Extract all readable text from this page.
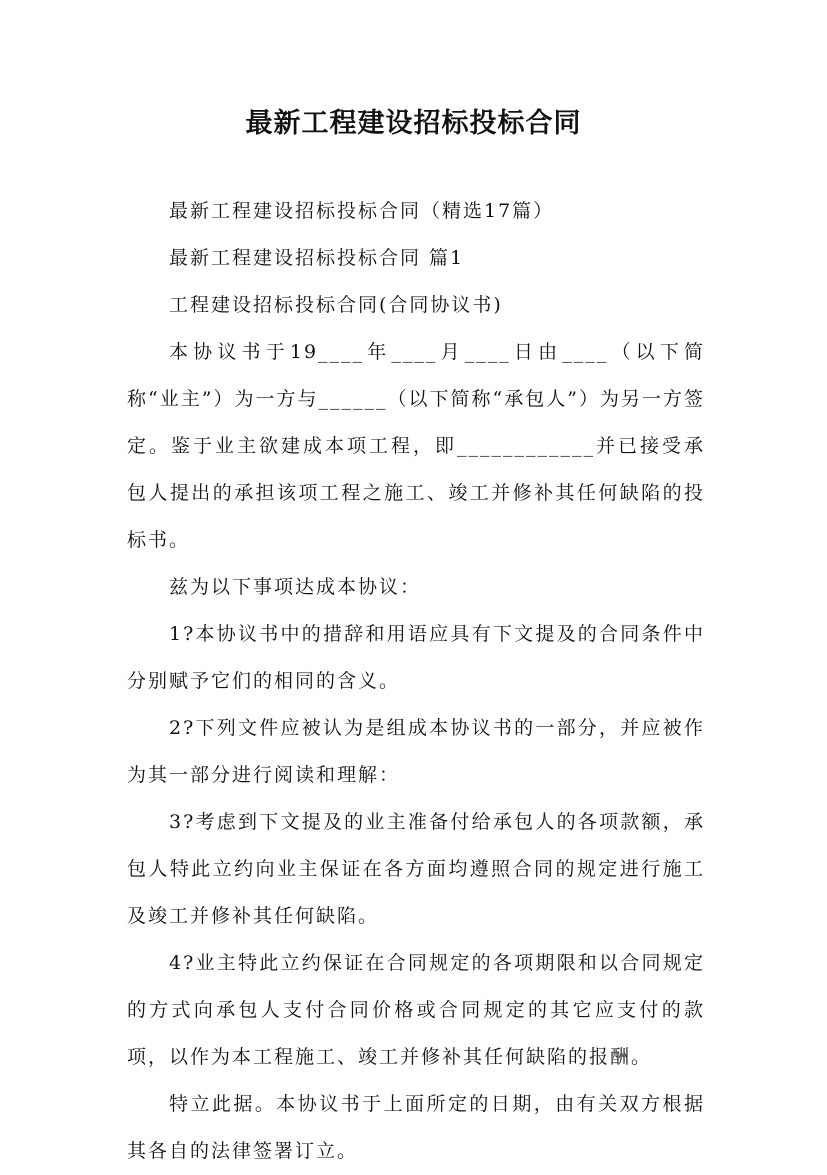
最新工程建设招标投标合同

最新工程建设招标投标合同（精选17篇）

最新工程建设招标投标合同 篇1

工程建设招标投标合同(合同协议书)

本协议书于19____年____月____日由____（以下简称“业主”）为一方与______（以下简称“承包人”）为另一方签定。鉴于业主欲建成本项工程，即____________并已接受承包人提出的承担该项工程之施工、竣工并修补其任何缺陷的投标书。

兹为以下事项达成本协议：

1?本协议书中的措辞和用语应具有下文提及的合同条件中分别赋予它们的相同的含义。

2?下列文件应被认为是组成本协议书的一部分，并应被作为其一部分进行阅读和理解：

3?考虑到下文提及的业主准备付给承包人的各项款额，承包人特此立约向业主保证在各方面均遵照合同的规定进行施工及竣工并修补其任何缺陷。

4?业主特此立约保证在合同规定的各项期限和以合同规定的方式向承包人支付合同价格或合同规定的其它应支付的款项，以作为本工程施工、竣工并修补其任何缺陷的报酬。

特立此据。本协议书于上面所定的日期，由有关双方根据其各自的法律签署订立。
